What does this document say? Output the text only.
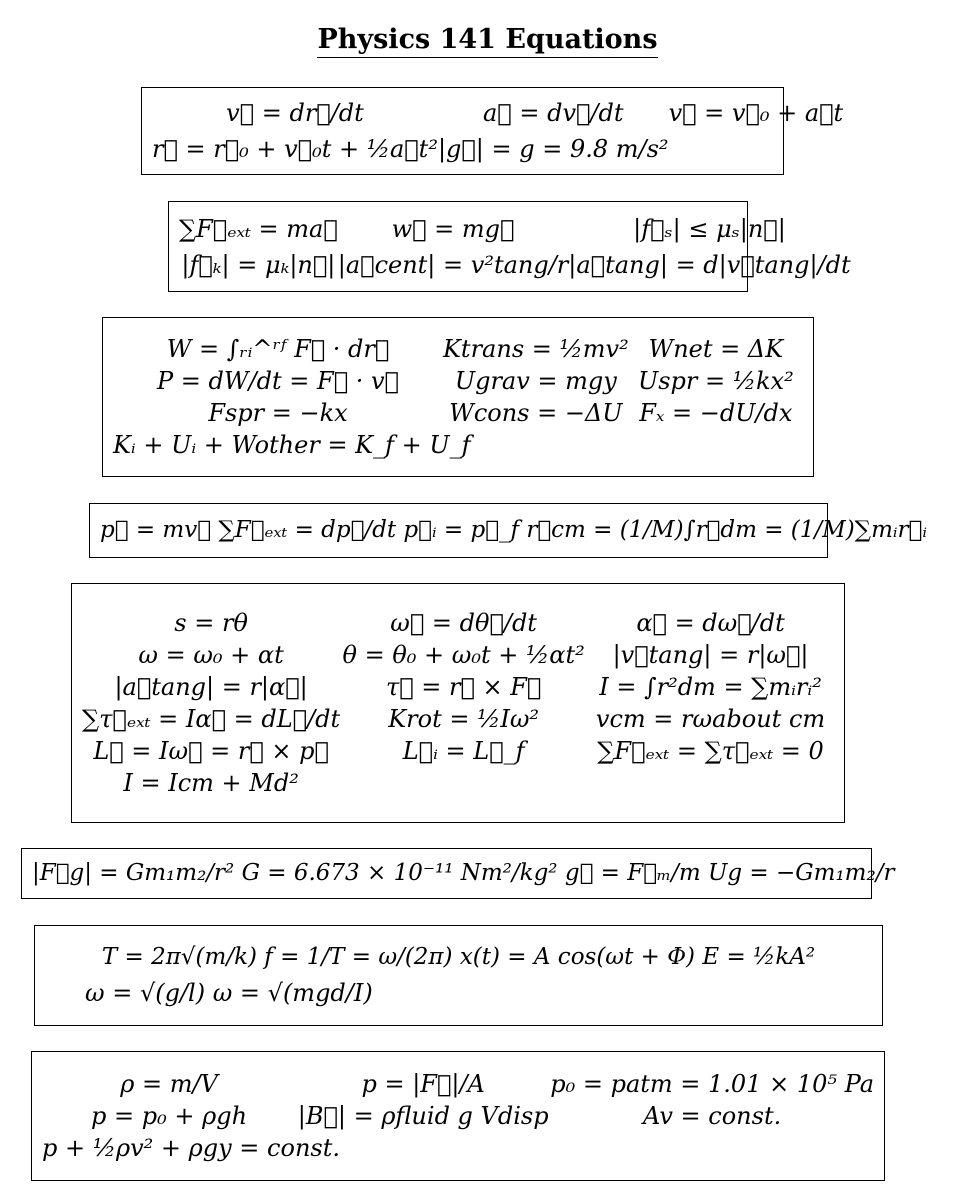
Physics 141 Equations
v⃗ = dr⃗/dt	a⃗ = dv⃗/dt	v⃗ = v⃗₀ + a⃗t
r⃗ = r⃗₀ + v⃗₀t + ½a⃗t² |g⃗| = g = 9.8 m/s²
∑F⃗ₑₓₜ = ma⃗	w⃗ = mg⃗	|f⃗ₛ| ≤ μₛ|n⃗|
|f⃗ₖ| = μₖ|n⃗| |a⃗cent| = v²tang/r |a⃗tang| = d|v⃗tang|/dt
W = ∫ᵣᵢ^ʳᶠ F⃗ · dr⃗	Ktrans = ½mv² Wnet = ΔK
P = dW/dt = F⃗ · v⃗	Ugrav = mgy Uspr = ½kx²
Fspr = −kx	Wcons = −ΔU Fₓ = −dU/dx
Kᵢ + Uᵢ + Wother = K_f + U_f
p⃗ = mv⃗ ∑F⃗ₑₓₜ = dp⃗/dt p⃗ᵢ = p⃗_f r⃗cm = (1/M)∫r⃗dm = (1/M)∑mᵢr⃗ᵢ
s = rθ	ω⃗ = dθ⃗/dt	α⃗ = dω⃗/dt
ω = ω₀ + αt	θ = θ₀ + ω₀t + ½αt²	|v⃗tang| = r|ω⃗|
|a⃗tang| = r|α⃗|	τ⃗ = r⃗ × F⃗	I = ∫r²dm = ∑mᵢrᵢ²
∑τ⃗ₑₓₜ = Iα⃗ = dL⃗/dt	Krot = ½Iω²	vcm = rωabout cm
L⃗ = Iω⃗ = r⃗ × p⃗	L⃗ᵢ = L⃗_f	∑F⃗ₑₓₜ = ∑τ⃗ₑₓₜ = 0
I = Icm + Md²
|F⃗g| = Gm₁m₂/r² G = 6.673 × 10⁻¹¹ Nm²/kg² g⃗ = F⃗ₘ/m Ug = −Gm₁m₂/r
T = 2π√(m/k) f = 1/T = ω/(2π) x(t) = A cos(ωt + Φ) E = ½kA²
ω = √(g/l) ω = √(mgd/I)
ρ = m/V	p = |F⃗|/A	p₀ = patm = 1.01 × 10⁵ Pa
p = p₀ + ρgh	|B⃗| = ρfluid g Vdisp	Av = const.
p + ½ρv² + ρgy = const.
